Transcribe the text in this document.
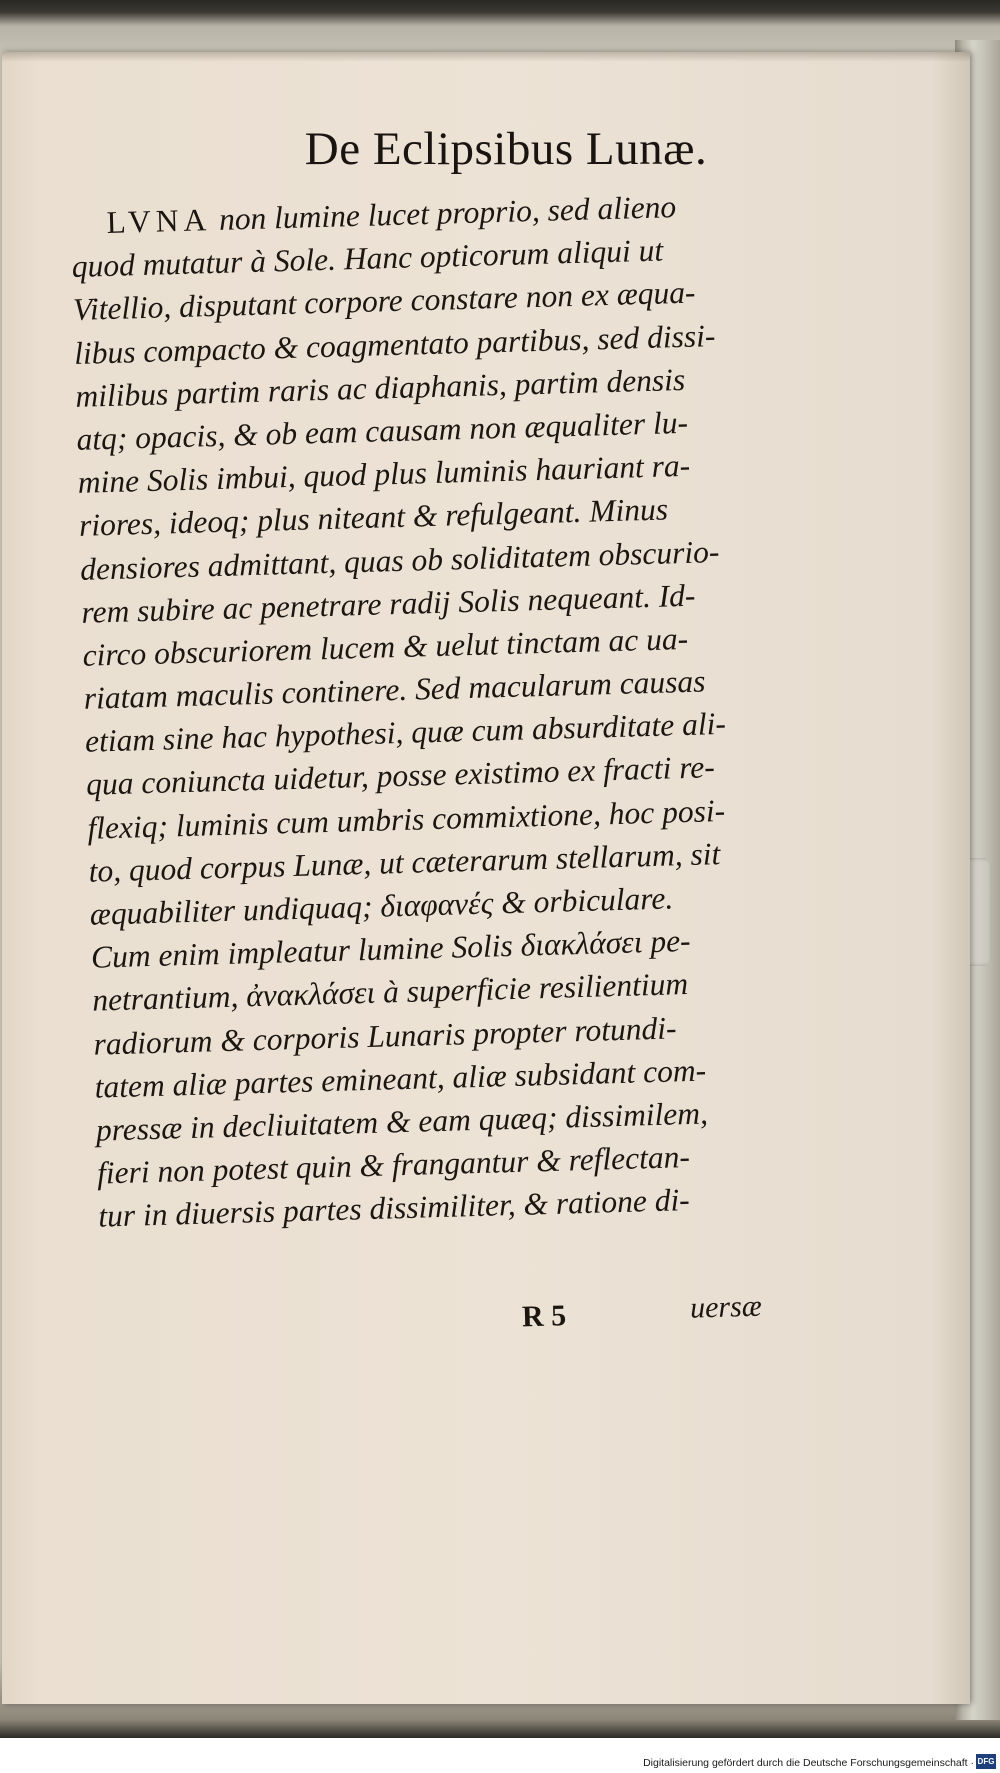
De Eclipsibus Lunæ.
LVNA non lumine lucet proprio, sed alieno
quod mutatur à Sole. Hanc opticorum aliqui ut
Vitellio, disputant corpore constare non ex æqua-
libus compacto & coagmentato partibus, sed dissi-
milibus partim raris ac diaphanis, partim densis
atq; opacis, & ob eam causam non æqualiter lu-
mine Solis imbui, quod plus luminis hauriant ra-
riores, ideoq; plus niteant & refulgeant. Minus
densiores admittant, quas ob soliditatem obscurio-
rem subire ac penetrare radij Solis nequeant. Id-
circo obscuriorem lucem & uelut tinctam ac ua-
riatam maculis continere. Sed macularum causas
etiam sine hac hypothesi, quæ cum absurditate ali-
qua coniuncta uidetur, posse existimo ex fracti re-
flexiq; luminis cum umbris commixtione, hoc posi-
to, quod corpus Lunæ, ut cæterarum stellarum, sit
æquabiliter undiquaq; διαφανές & orbiculare.
Cum enim impleatur lumine Solis διακλάσει pe-
netrantium, ἀνακλάσει à superficie resilientium
radiorum & corporis Lunaris propter rotundi-
tatem aliæ partes emineant, aliæ subsidant com-
pressæ in decliuitatem & eam quæq; dissimilem,
fieri non potest quin & frangantur & reflectan-
tur in diuersis partes dissimiliter, & ratione di-
R 5	uersæ
Digitalisierung gefördert durch die Deutsche Forschungsgemeinschaft · DFG
